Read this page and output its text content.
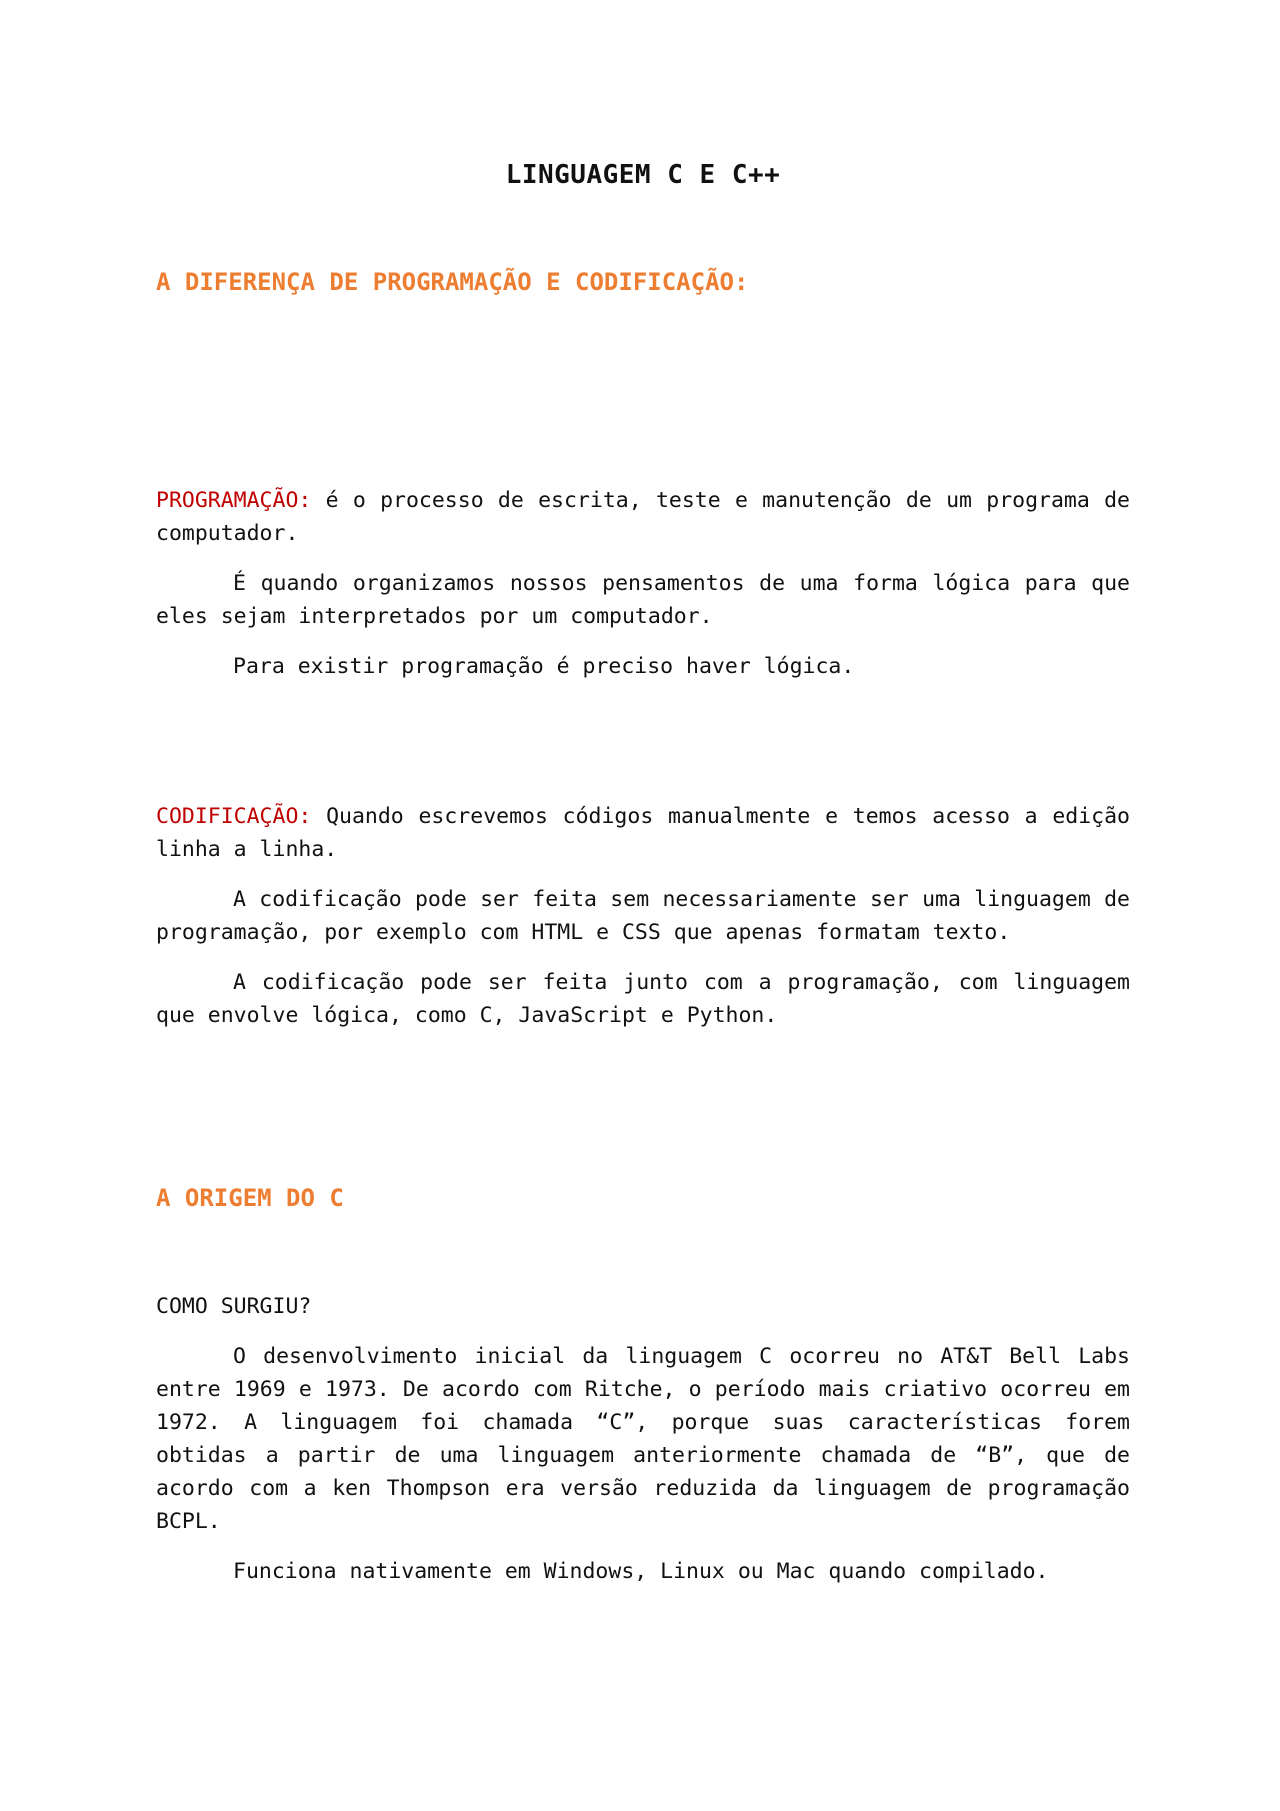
LINGUAGEM C E C++
A DIFERENÇA DE PROGRAMAÇÃO E CODIFICAÇÃO:

PROGRAMAÇÃO: é o processo de escrita, teste e manutenção de um programa de computador.

É quando organizamos nossos pensamentos de uma forma lógica para que eles sejam interpretados por um computador.

Para existir programação é preciso haver lógica.

CODIFICAÇÃO: Quando escrevemos códigos manualmente e temos acesso a edição linha a linha.

A codificação pode ser feita sem necessariamente ser uma linguagem de programação, por exemplo com HTML e CSS que apenas formatam texto.

A codificação pode ser feita junto com a programação, com linguagem que envolve lógica, como C, JavaScript e Python.

A ORIGEM DO C

COMO SURGIU?

O desenvolvimento inicial da linguagem C ocorreu no AT&T Bell Labs entre 1969 e 1973. De acordo com Ritche, o período mais criativo ocorreu em 1972. A linguagem foi chamada “C”, porque suas características forem obtidas a partir de uma linguagem anteriormente chamada de “B”, que de acordo com a ken Thompson era versão reduzida da linguagem de programação BCPL.

Funciona nativamente em Windows, Linux ou Mac quando compilado.
